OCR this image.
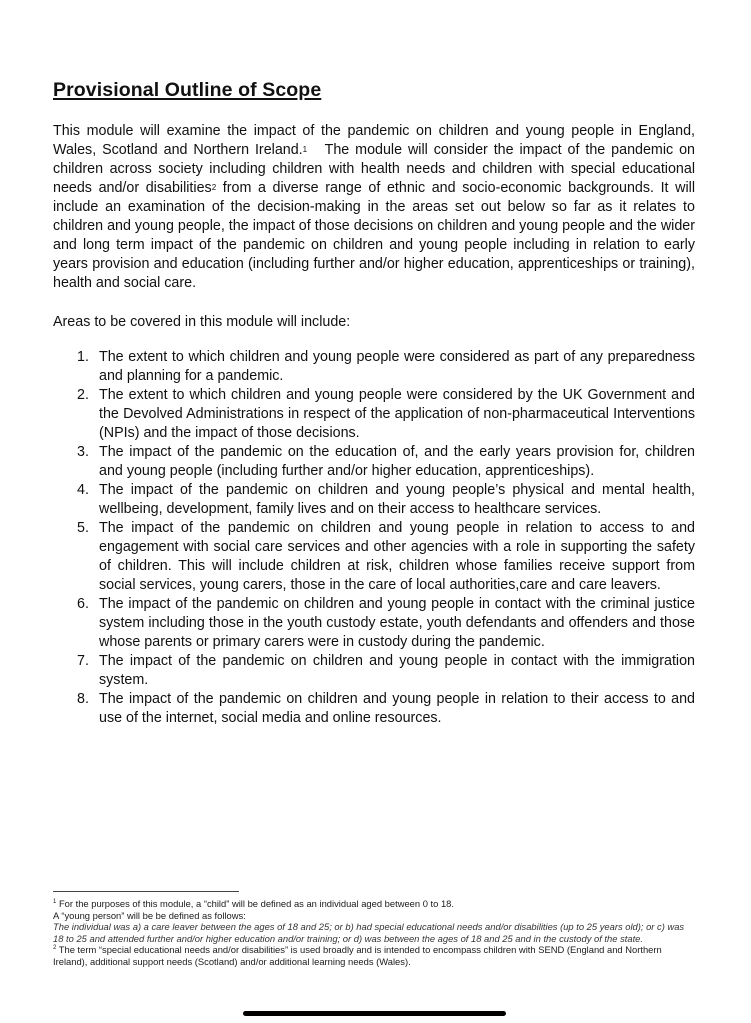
Provisional Outline of Scope

This module will examine the impact of the pandemic on children and young people in England, Wales, Scotland and Northern Ireland.$^1$   The module will consider the impact of the pandemic on children across society including children with health needs and children with special educational needs and/or disabilities$^2$ from a diverse range of ethnic and socio-economic backgrounds. It will include an examination of the decision-making in the areas set out below so far as it relates to children and young people, the impact of those decisions on children and young people and the wider and long term impact of the pandemic on children and young people including in relation to early years provision and education (including further and/or higher education, apprenticeships or training), health and social care.

Areas to be covered in this module will include:

1. The extent to which children and young people were considered as part of any preparedness and planning for a pandemic.
2. The extent to which children and young people were considered by the UK Government and the Devolved Administrations in respect of the application of non-pharmaceutical Interventions (NPIs) and the impact of those decisions.
3. The impact of the pandemic on the education of, and the early years provision for, children and young people (including further and/or higher education, apprenticeships).
4. The impact of the pandemic on children and young people’s physical and mental health, wellbeing, development, family lives and on their access to healthcare services.
5. The impact of the pandemic on children and young people in relation to access to and engagement with social care services and other agencies with a role in supporting the safety of children. This will include children at risk, children whose families receive support from social services, young carers, those in the care of local authorities,care and care leavers.
6. The impact of the pandemic on children and young people in contact with the criminal justice system including those in the youth custody estate, youth defendants and offenders and those whose parents or primary carers were in custody during the pandemic.
7. The impact of the pandemic on children and young people in contact with the immigration system.
8. The impact of the pandemic on children and young people in relation to their access to and use of the internet, social media and online resources.

$^1$ For the purposes of this module, a “child” will be defined as an individual aged between 0 to 18.

A “young person” will be be defined as follows:

The individual was a) a care leaver between the ages of 18 and 25; or b) had special educational needs and/or disabilities (up to 25 years old); or c) was 18 to 25 and attended further and/or higher education and/or training; or d) was between the ages of 18 and 25 and in the custody of the state.

$^2$ The term “special educational needs and/or disabilities” is used broadly and is intended to encompass children with SEND (England and Northern Ireland), additional support needs (Scotland) and/or additional learning needs (Wales).
